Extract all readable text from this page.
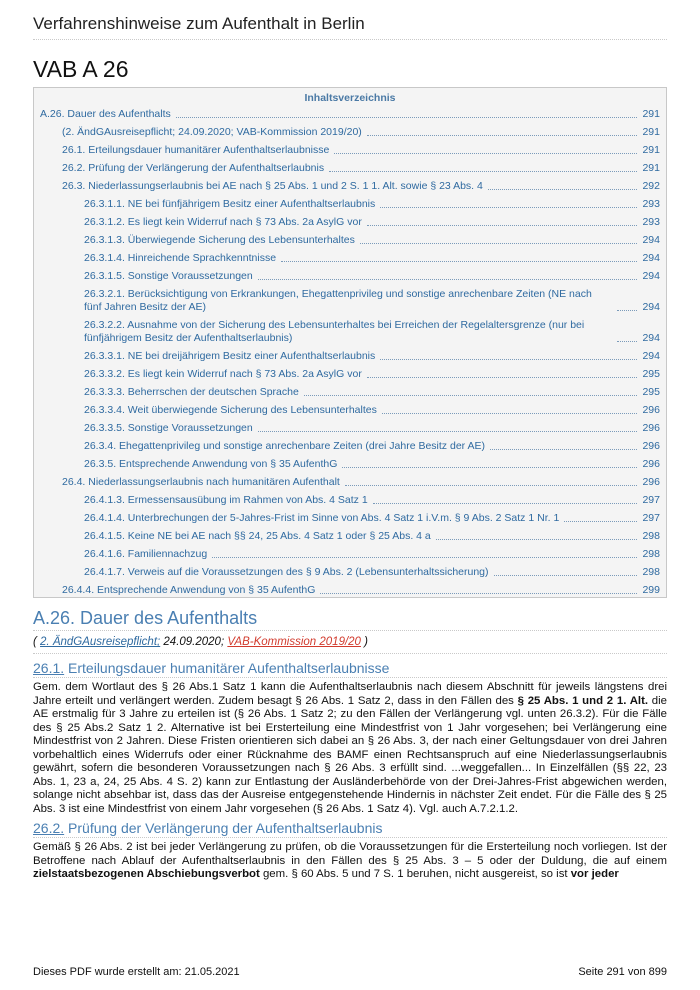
Verfahrenshinweise zum Aufenthalt in Berlin
VAB A 26
Inhaltsverzeichnis
A.26. Dauer des Aufenthalts	291
(2. ÄndGAusreisepflicht; 24.09.2020; VAB-Kommission 2019/20)	291
26.1. Erteilungsdauer humanitärer Aufenthaltserlaubnisse	291
26.2. Prüfung der Verlängerung der Aufenthaltserlaubnis	291
26.3. Niederlassungserlaubnis bei AE nach § 25 Abs. 1 und 2 S. 1 1. Alt. sowie § 23 Abs. 4	292
26.3.1.1. NE bei fünfjährigem Besitz einer Aufenthaltserlaubnis	293
26.3.1.2. Es liegt kein Widerruf nach § 73 Abs. 2a AsylG vor	293
26.3.1.3. Überwiegende Sicherung des Lebensunterhaltes	294
26.3.1.4. Hinreichende Sprachkenntnisse	294
26.3.1.5. Sonstige Voraussetzungen	294
26.3.2.1. Berücksichtigung von Erkrankungen, Ehegattenprivileg und sonstige anrechenbare Zeiten (NE nach fünf Jahren Besitz der AE)	294
26.3.2.2. Ausnahme von der Sicherung des Lebensunterhaltes bei Erreichen der Regelaltersgrenze (nur bei fünfjährigem Besitz der Aufenthaltserlaubnis)	294
26.3.3.1. NE bei dreijährigem Besitz einer Aufenthaltserlaubnis	294
26.3.3.2. Es liegt kein Widerruf nach § 73 Abs. 2a AsylG vor	295
26.3.3.3. Beherrschen der deutschen Sprache	295
26.3.3.4. Weit überwiegende Sicherung des Lebensunterhaltes	296
26.3.3.5. Sonstige Voraussetzungen	296
26.3.4. Ehegattenprivileg und sonstige anrechenbare Zeiten (drei Jahre Besitz der AE)	296
26.3.5. Entsprechende Anwendung von § 35 AufenthG	296
26.4. Niederlassungserlaubnis nach humanitären Aufenthalt	296
26.4.1.3. Ermessensausübung im Rahmen von Abs. 4 Satz 1	297
26.4.1.4. Unterbrechungen der 5-Jahres-Frist im Sinne von Abs. 4 Satz 1 i.V.m. § 9 Abs. 2 Satz 1 Nr. 1	297
26.4.1.5. Keine NE bei AE nach §§ 24, 25 Abs. 4 Satz 1 oder § 25 Abs. 4 a	298
26.4.1.6. Familiennachzug	298
26.4.1.7. Verweis auf die Voraussetzungen des § 9 Abs. 2 (Lebensunterhaltssicherung)	298
26.4.4. Entsprechende Anwendung von § 35 AufenthG	299
A.26. Dauer des Aufenthalts
( 2. ÄndGAusreisepflicht; 24.09.2020; VAB-Kommission 2019/20 )
26.1. Erteilungsdauer humanitärer Aufenthaltserlaubnisse
Gem. dem Wortlaut des § 26 Abs.1 Satz 1 kann die Aufenthaltserlaubnis nach diesem Abschnitt für jeweils längstens drei Jahre erteilt und verlängert werden. Zudem besagt § 26 Abs. 1 Satz 2, dass in den Fällen des § 25 Abs. 1 und 2 1. Alt. die AE erstmalig für 3 Jahre zu erteilen ist (§ 26 Abs. 1 Satz 2; zu den Fällen der Verlängerung vgl. unten 26.3.2). Für die Fälle des § 25 Abs.2 Satz 1 2. Alternative ist bei Ersterteilung eine Mindestfrist von 1 Jahr vorgesehen; bei Verlängerung eine Mindestfrist von 2 Jahren. Diese Fristen orientieren sich dabei an § 26 Abs. 3, der nach einer Geltungsdauer von drei Jahren vorbehaltlich eines Widerrufs oder einer Rücknahme des BAMF einen Rechtsanspruch auf eine Niederlassungserlaubnis gewährt, sofern die besonderen Voraussetzungen nach § 26 Abs. 3 erfüllt sind. ...weggefallen... In Einzelfällen (§§ 22, 23 Abs. 1, 23 a, 24, 25 Abs. 4 S. 2) kann zur Entlastung der Ausländerbehörde von der Drei-Jahres-Frist abgewichen werden, solange nicht absehbar ist, dass das der Ausreise entgegenstehende Hindernis in nächster Zeit endet. Für die Fälle des § 25 Abs. 3 ist eine Mindestfrist von einem Jahr vorgesehen (§ 26 Abs. 1 Satz 4). Vgl. auch A.7.2.1.2.
26.2. Prüfung der Verlängerung der Aufenthaltserlaubnis
Gemäß § 26 Abs. 2 ist bei jeder Verlängerung zu prüfen, ob die Voraussetzungen für die Ersterteilung noch vorliegen. Ist der Betroffene nach Ablauf der Aufenthaltserlaubnis in den Fällen des § 25 Abs. 3 – 5 oder der Duldung, die auf einem zielstaatsbezogenen Abschiebungsverbot gem. § 60 Abs. 5 und 7 S. 1 beruhen, nicht ausgereist, so ist vor jeder
Dieses PDF wurde erstellt am: 21.05.2021	Seite 291 von 899
